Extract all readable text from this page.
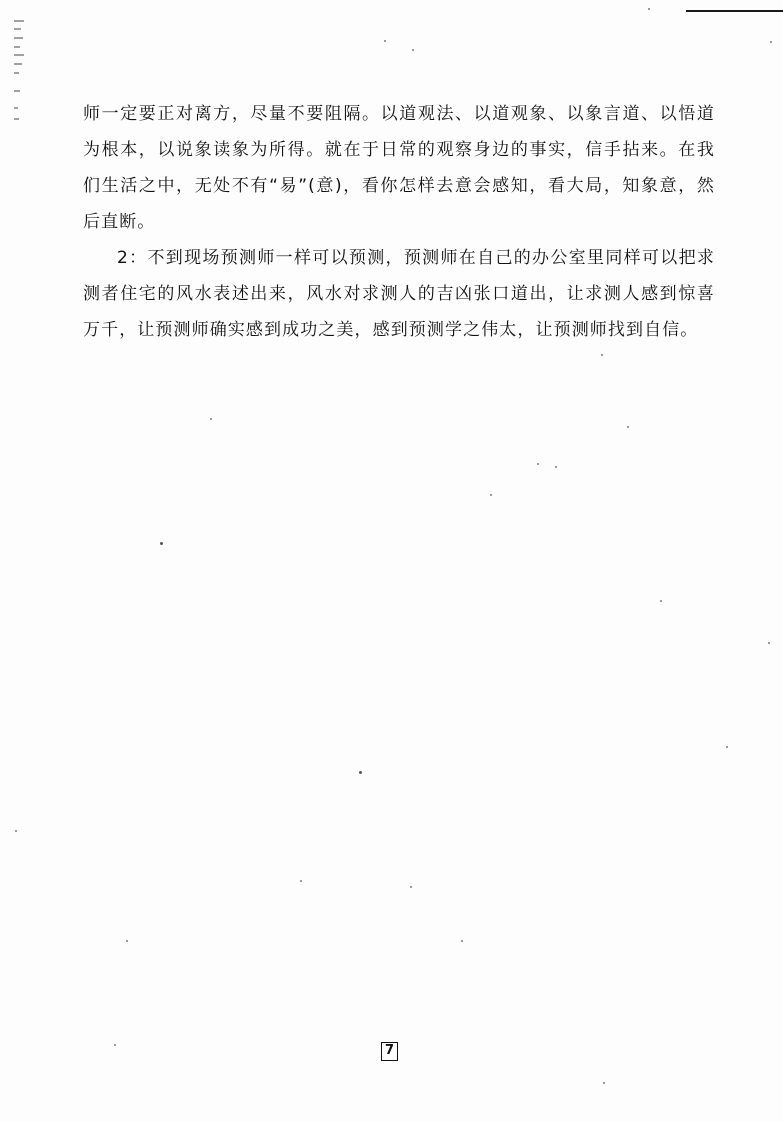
师一定要正对离方，尽量不要阻隔。以道观法、以道观象、以象言道、以悟道为根本，以说象读象为所得。就在于日常的观察身边的事实，信手拈来。在我们生活之中，无处不有“易”(意)，看你怎样去意会感知，看大局，知象意，然后直断。

2：不到现场预测师一样可以预测，预测师在自己的办公室里同样可以把求测者住宅的风水表述出来，风水对求测人的吉凶张口道出，让求测人感到惊喜万千，让预测师确实感到成功之美，感到预测学之伟太，让预测师找到自信。

7
